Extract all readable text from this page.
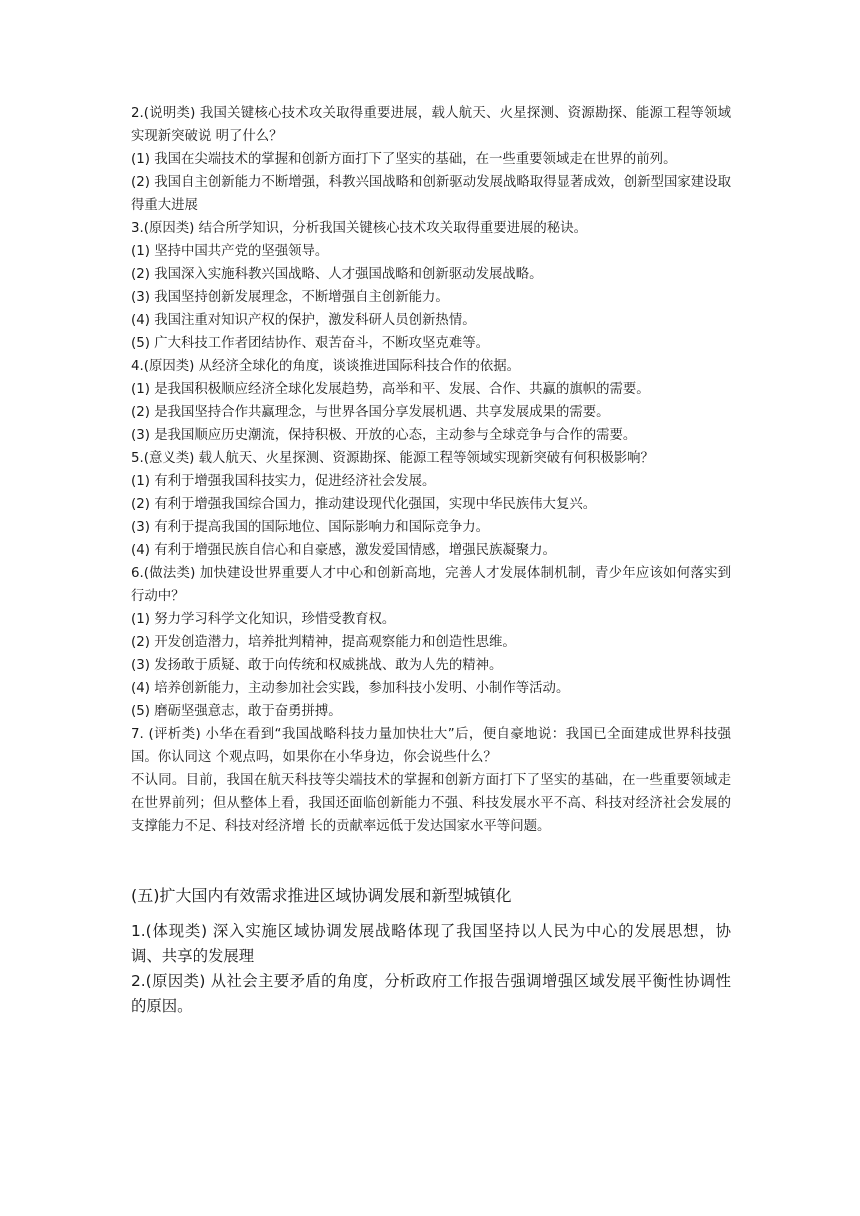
2.(说明类) 我国关键核心技术攻关取得重要进展，载人航天、火星探测、资源勘探、能源工程等领域实现新突破说 明了什么？
(1) 我国在尖端技术的掌握和创新方面打下了坚实的基础，在一些重要领域走在世界的前列。
(2) 我国自主创新能力不断增强，科教兴国战略和创新驱动发展战略取得显著成效，创新型国家建设取得重大进展
3.(原因类) 结合所学知识，分析我国关键核心技术攻关取得重要进展的秘诀。
(1) 坚持中国共产党的坚强领导。
(2) 我国深入实施科教兴国战略、人才强国战略和创新驱动发展战略。
(3) 我国坚持创新发展理念，不断增强自主创新能力。
(4) 我国注重对知识产权的保护，激发科研人员创新热情。
(5) 广大科技工作者团结协作、艰苦奋斗，不断攻坚克难等。
4.(原因类) 从经济全球化的角度，谈谈推进国际科技合作的依据。
(1) 是我国积极顺应经济全球化发展趋势，高举和平、发展、合作、共赢的旗帜的需要。
(2) 是我国坚持合作共赢理念，与世界各国分享发展机遇、共享发展成果的需要。
(3) 是我国顺应历史潮流，保持积极、开放的心态，主动参与全球竞争与合作的需要。
5.(意义类) 载人航天、火星探测、资源勘探、能源工程等领域实现新突破有何积极影响？
(1) 有利于增强我国科技实力，促进经济社会发展。
(2) 有利于增强我国综合国力，推动建设现代化强国，实现中华民族伟大复兴。
(3) 有利于提高我国的国际地位、国际影响力和国际竞争力。
(4) 有利于增强民族自信心和自豪感，激发爱国情感，增强民族凝聚力。
6.(做法类) 加快建设世界重要人才中心和创新高地，完善人才发展体制机制，青少年应该如何落实到行动中？
(1) 努力学习科学文化知识，珍惜受教育权。
(2) 开发创造潜力，培养批判精神，提高观察能力和创造性思维。
(3) 发扬敢于质疑、敢于向传统和权威挑战、敢为人先的精神。
(4) 培养创新能力，主动参加社会实践，参加科技小发明、小制作等活动。
(5) 磨砺坚强意志，敢于奋勇拼搏。
7. (评析类) 小华在看到“我国战略科技力量加快壮大”后，便自豪地说：我国已全面建成世界科技强国。你认同这 个观点吗，如果你在小华身边，你会说些什么？
不认同。目前，我国在航天科技等尖端技术的掌握和创新方面打下了坚实的基础，在一些重要领域走在世界前列；但从整体上看，我国还面临创新能力不强、科技发展水平不高、科技对经济社会发展的支撑能力不足、科技对经济增 长的贡献率远低于发达国家水平等问题。
(五)扩大国内有效需求推进区域协调发展和新型城镇化
1.(体现类) 深入实施区域协调发展战略体现了我国坚持以人民为中心的发展思想，协调、共享的发展理
2.(原因类) 从社会主要矛盾的角度，分析政府工作报告强调增强区域发展平衡性协调性的原因。
